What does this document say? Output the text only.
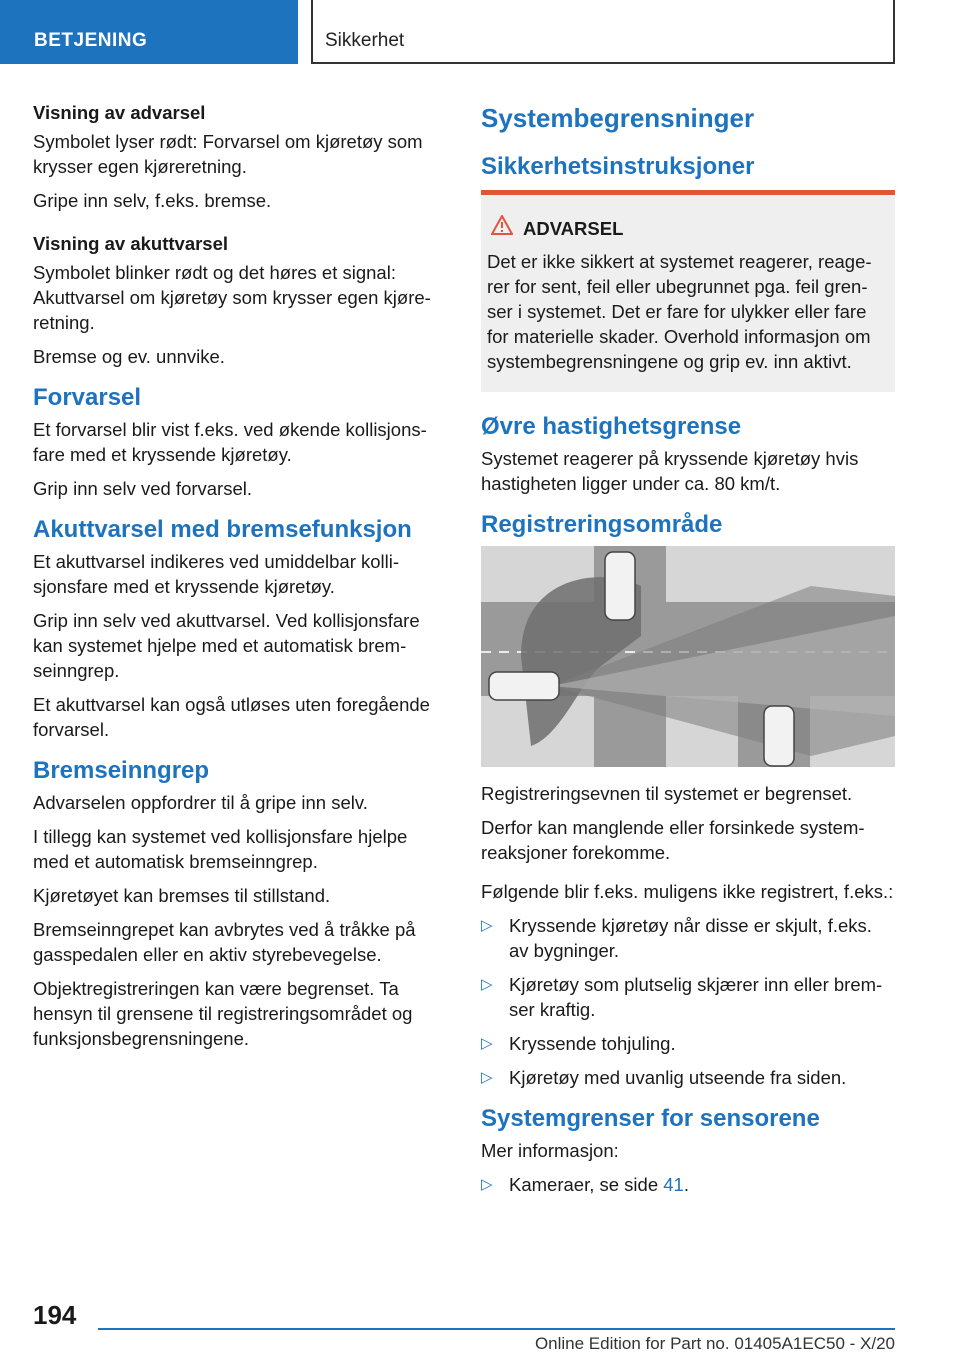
BETJENING	Sikkerhet

Visning av advarsel

Symbolet lyser rødt: Forvarsel om kjøretøy som krysser egen kjøreretning.

Gripe inn selv, f.eks. bremse.

Visning av akuttvarsel

Symbolet blinker rødt og det høres et signal: Akuttvarsel om kjøretøy som krysser egen kjøreretning.

Bremse og ev. unnvike.

Forvarsel

Et forvarsel blir vist f.eks. ved økende kollisjonsfare med et kryssende kjøretøy.

Grip inn selv ved forvarsel.

Akuttvarsel med bremsefunksjon

Et akuttvarsel indikeres ved umiddelbar kollisjonsfare med et kryssende kjøretøy.

Grip inn selv ved akuttvarsel. Ved kollisjonsfare kan systemet hjelpe med et automatisk bremseinngrep.

Et akuttvarsel kan også utløses uten foregående forvarsel.

Bremseinngrep

Advarselen oppfordrer til å gripe inn selv.

I tillegg kan systemet ved kollisjonsfare hjelpe med et automatisk bremseinngrep.

Kjøretøyet kan bremses til stillstand.

Bremseinngrepet kan avbrytes ved å tråkke på gasspedalen eller en aktiv styrebevegelse.

Objektregistreringen kan være begrenset. Ta hensyn til grensene til registreringsområdet og funksjonsbegrensningene.

Systembegrensninger
Sikkerhetsinstruksjoner
ADVARSEL

Det er ikke sikkert at systemet reagerer, reagerer for sent, feil eller ubegrunnet pga. feil grenser i systemet. Det er fare for ulykker eller fare for materielle skader. Overhold informasjon om systembegrensningene og grip ev. inn aktivt.

Øvre hastighetsgrense

Systemet reagerer på kryssende kjøretøy hvis hastigheten ligger under ca. 80 km/t.

Registreringsområde

Registreringsevnen til systemet er begrenset.

Derfor kan manglende eller forsinkede systemreaksjoner forekomme.

Følgende blir f.eks. muligens ikke registrert, f.eks.:

▷ Kryssende kjøretøy når disse er skjult, f.eks. av bygninger.
▷ Kjøretøy som plutselig skjærer inn eller bremser kraftig.
▷ Kryssende tohjuling.
▷ Kjøretøy med uvanlig utseende fra siden.
Systemgrenser for sensorene

Mer informasjon:

▷ Kameraer, se side 41.
194
Online Edition for Part no. 01405A1EC50 - X/20
